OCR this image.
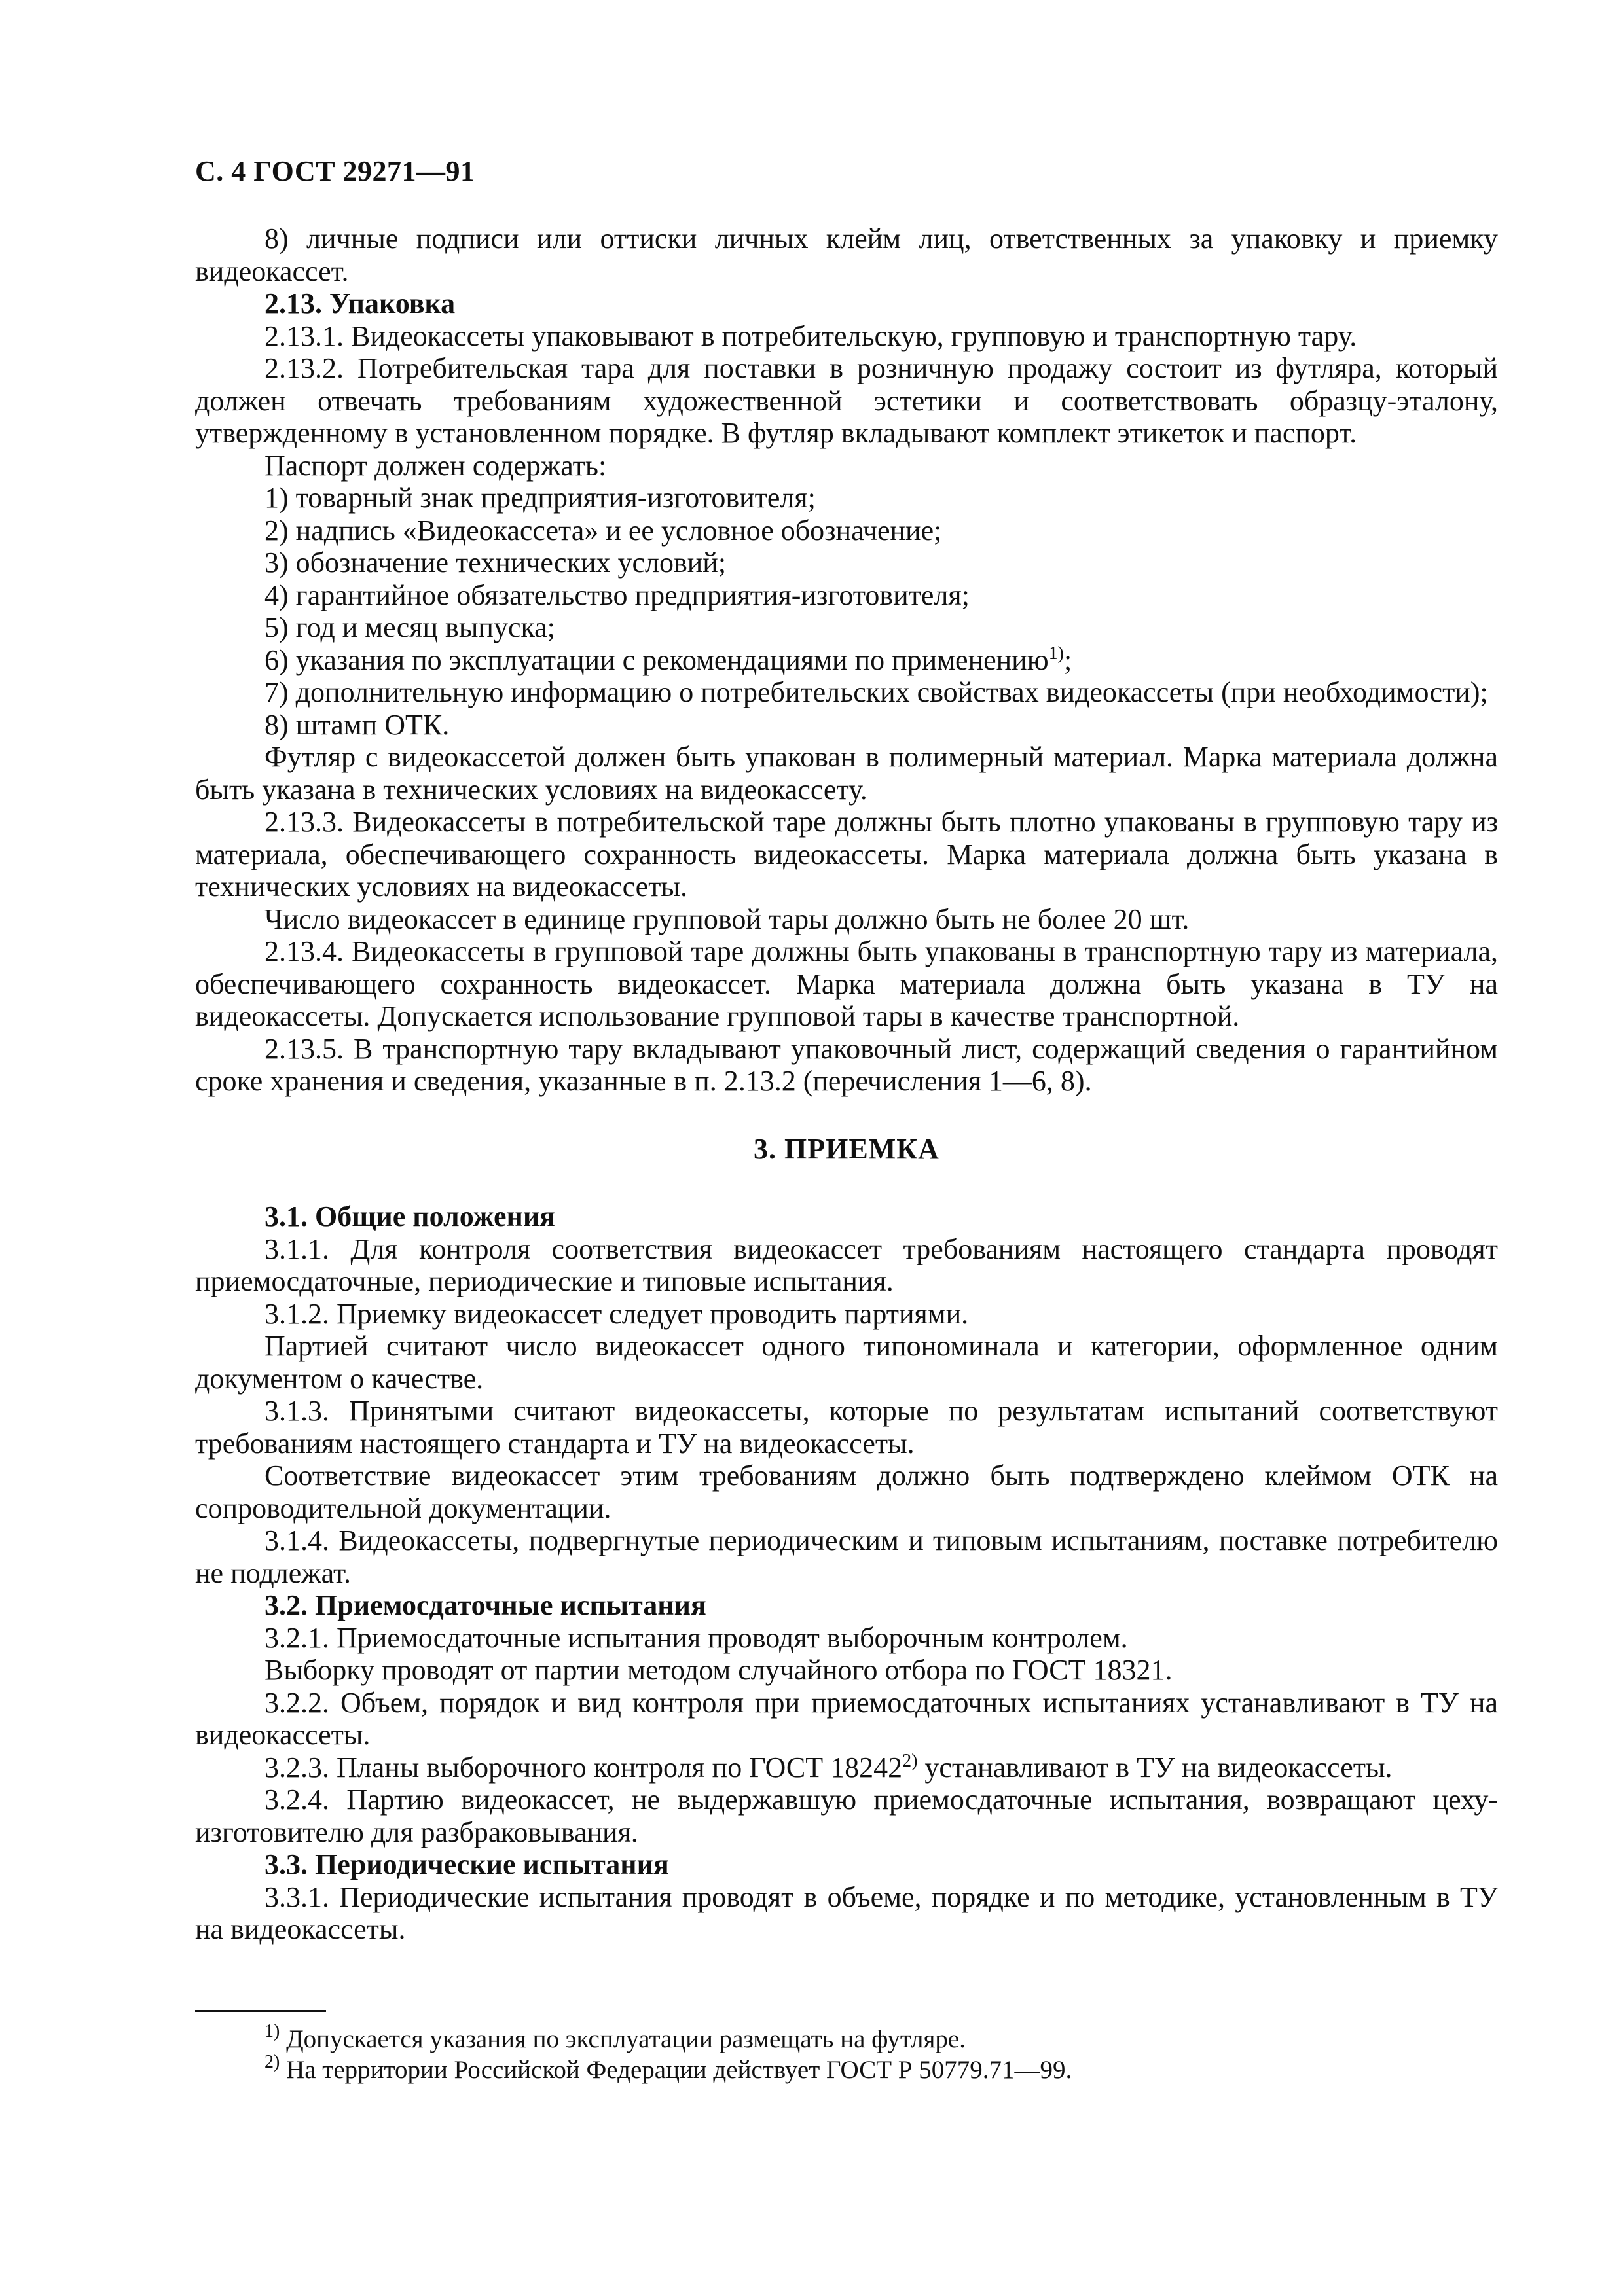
С. 4 ГОСТ 29271—91

8) личные подписи или оттиски личных клейм лиц, ответственных за упаковку и приемку видеокассет.

2.13. Упаковка

2.13.1. Видеокассеты упаковывают в потребительскую, групповую и транспортную тару.

2.13.2. Потребительская тара для поставки в розничную продажу состоит из футляра, который должен отвечать требованиям художественной эстетики и соответствовать образцу-эталону, утвержденному в установленном порядке. В футляр вкладывают комплект этикеток и паспорт.

Паспорт должен содержать:

1) товарный знак предприятия-изготовителя;

2) надпись «Видеокассета» и ее условное обозначение;

3) обозначение технических условий;

4) гарантийное обязательство предприятия-изготовителя;

5) год и месяц выпуска;

6) указания по эксплуатации с рекомендациями по применению$^{1)}$;

7) дополнительную информацию о потребительских свойствах видеокассеты (при необходимости);

8) штамп ОТК.

Футляр с видеокассетой должен быть упакован в полимерный материал. Марка материала должна быть указана в технических условиях на видеокассету.

2.13.3. Видеокассеты в потребительской таре должны быть плотно упакованы в групповую тару из материала, обеспечивающего сохранность видеокассеты. Марка материала должна быть указана в технических условиях на видеокассеты.

Число видеокассет в единице групповой тары должно быть не более 20 шт.

2.13.4. Видеокассеты в групповой таре должны быть упакованы в транспортную тару из материала, обеспечивающего сохранность видеокассет. Марка материала должна быть указана в ТУ на видеокассеты. Допускается использование групповой тары в качестве транспортной.

2.13.5. В транспортную тару вкладывают упаковочный лист, содержащий сведения о гарантийном сроке хранения и сведения, указанные в п. 2.13.2 (перечисления 1—6, 8).

3. ПРИЕМКА

3.1. Общие положения

3.1.1. Для контроля соответствия видеокассет требованиям настоящего стандарта проводят приемосдаточные, периодические и типовые испытания.

3.1.2. Приемку видеокассет следует проводить партиями.

Партией считают число видеокассет одного типономинала и категории, оформленное одним документом о качестве.

3.1.3. Принятыми считают видеокассеты, которые по результатам испытаний соответствуют требованиям настоящего стандарта и ТУ на видеокассеты.

Соответствие видеокассет этим требованиям должно быть подтверждено клеймом ОТК на сопроводительной документации.

3.1.4. Видеокассеты, подвергнутые периодическим и типовым испытаниям, поставке потребителю не подлежат.

3.2. Приемосдаточные испытания

3.2.1. Приемосдаточные испытания проводят выборочным контролем.

Выборку проводят от партии методом случайного отбора по ГОСТ 18321.

3.2.2. Объем, порядок и вид контроля при приемосдаточных испытаниях устанавливают в ТУ на видеокассеты.

3.2.3. Планы выборочного контроля по ГОСТ 18242$^{2)}$ устанавливают в ТУ на видеокассеты.

3.2.4. Партию видеокассет, не выдержавшую приемосдаточные испытания, возвращают цеху-изготовителю для разбраковывания.

3.3. Периодические испытания

3.3.1. Периодические испытания проводят в объеме, порядке и по методике, установленным в ТУ на видеокассеты.

$^{1)}$ Допускается указания по эксплуатации размещать на футляре.

$^{2)}$ На территории Российской Федерации действует ГОСТ Р 50779.71—99.
